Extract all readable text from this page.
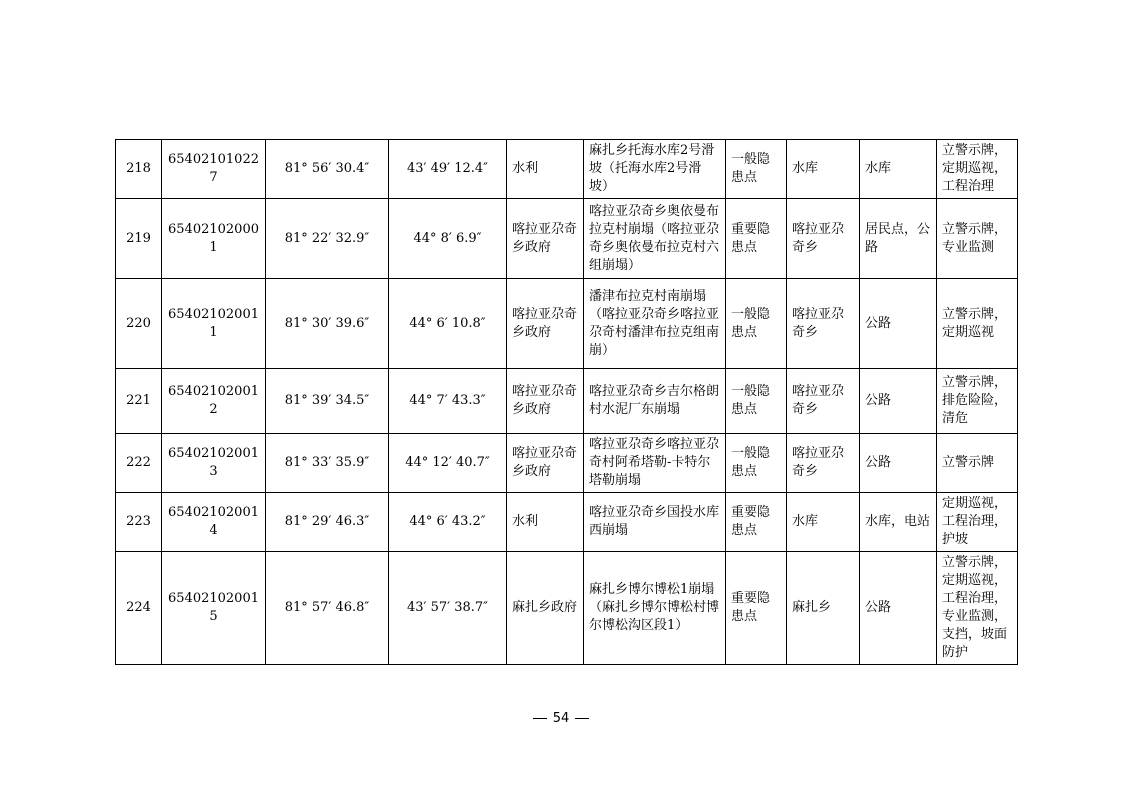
218	654021010227	81° 56′ 30.4″	43′ 49′ 12.4″	水利	麻扎乡托海水库2号滑坡（托海水库2号滑坡）	一般隐患点	水库	水库	立警示牌，定期巡视，工程治理
219	654021020001	81° 22′ 32.9″	44° 8′ 6.9″	喀拉亚尕奇乡政府	喀拉亚尕奇乡奥依曼布拉克村崩塌（喀拉亚尕奇乡奥依曼布拉克村六组崩塌）	重要隐患点	喀拉亚尕奇乡	居民点，公路	立警示牌，专业监测
220	654021020011	81° 30′ 39.6″	44° 6′ 10.8″	喀拉亚尕奇乡政府	潘津布拉克村南崩塌（喀拉亚尕奇乡喀拉亚尕奇村潘津布拉克组南崩）	一般隐患点	喀拉亚尕奇乡	公路	立警示牌，定期巡视
221	654021020012	81° 39′ 34.5″	44° 7′ 43.3″	喀拉亚尕奇乡政府	喀拉亚尕奇乡吉尔格朗村水泥厂东崩塌	一般隐患点	喀拉亚尕奇乡	公路	立警示牌，排危险险，清危
222	654021020013	81° 33′ 35.9″	44° 12′ 40.7″	喀拉亚尕奇乡政府	喀拉亚尕奇乡喀拉亚尕奇村阿希塔勒-卡特尔塔勒崩塌	一般隐患点	喀拉亚尕奇乡	公路	立警示牌
223	654021020014	81° 29′ 46.3″	44° 6′ 43.2″	水利	喀拉亚尕奇乡国投水库西崩塌	重要隐患点	水库	水库，电站	定期巡视，工程治理，护坡
224	654021020015	81° 57′ 46.8″	43′ 57′ 38.7″	麻扎乡政府	麻扎乡博尔博松1崩塌（麻扎乡博尔博松村博尔博松沟区段1）	重要隐患点	麻扎乡	公路	立警示牌，定期巡视，工程治理，专业监测，支挡，坡面防护
54
